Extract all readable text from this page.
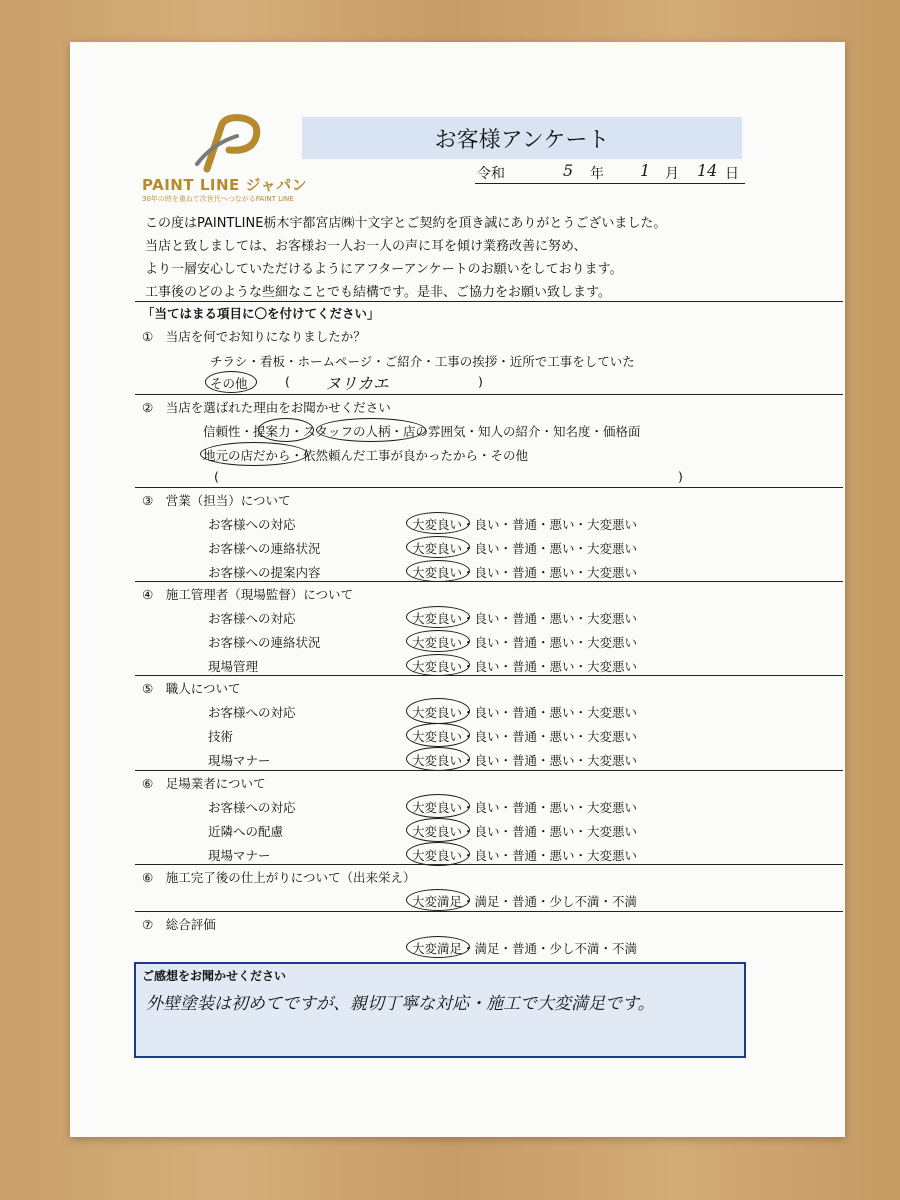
PAINT LINE ジャパン
30年の時を重ねて次世代へつながるPAINT LINE
お客様アンケート
令和	5 年 1 月 14 日
この度はPAINTLINE栃木宇都宮店㈱十文字とご契約を頂き誠にありがとうございました。
当店と致しましては、お客様お一人お一人の声に耳を傾け業務改善に努め、
より一層安心していただけるようにアフターアンケートのお願いをしております。
工事後のどのような些細なことでも結構です。是非、ご協力をお願い致します。
「当てはまる項目に〇を付けてください」
①　当店を何でお知りになりましたか？
チラシ・看板・ホームページ・ご紹介・工事の挨拶・近所で工事をしていた
その他	( ヌリカエ	)
②　当店を選ばれた理由をお聞かせください
信頼性・提案力・スタッフの人柄・店の雰囲気・知人の紹介・知名度・価格面
地元の店だから・依然頼んだ工事が良かったから・その他
(	)
③　営業（担当）について
お客様への対応	大変良い・良い・普通・悪い・大変悪い
お客様への連絡状況	大変良い・良い・普通・悪い・大変悪い
お客様への提案内容	大変良い・良い・普通・悪い・大変悪い
④　施工管理者（現場監督）について
お客様への対応	大変良い・良い・普通・悪い・大変悪い
お客様への連絡状況	大変良い・良い・普通・悪い・大変悪い
現場管理	大変良い・良い・普通・悪い・大変悪い
⑤　職人について
お客様への対応	大変良い・良い・普通・悪い・大変悪い
技術	大変良い・良い・普通・悪い・大変悪い
現場マナー	大変良い・良い・普通・悪い・大変悪い
⑥　足場業者について
お客様への対応	大変良い・良い・普通・悪い・大変悪い
近隣への配慮	大変良い・良い・普通・悪い・大変悪い
現場マナー	大変良い・良い・普通・悪い・大変悪い
⑥　施工完了後の仕上がりについて（出来栄え）
大変満足・満足・普通・少し不満・不満
⑦　総合評価
大変満足・満足・普通・少し不満・不満
ご感想をお聞かせください
外壁塗装は初めてですが、親切丁寧な対応・施工で大変満足です。
